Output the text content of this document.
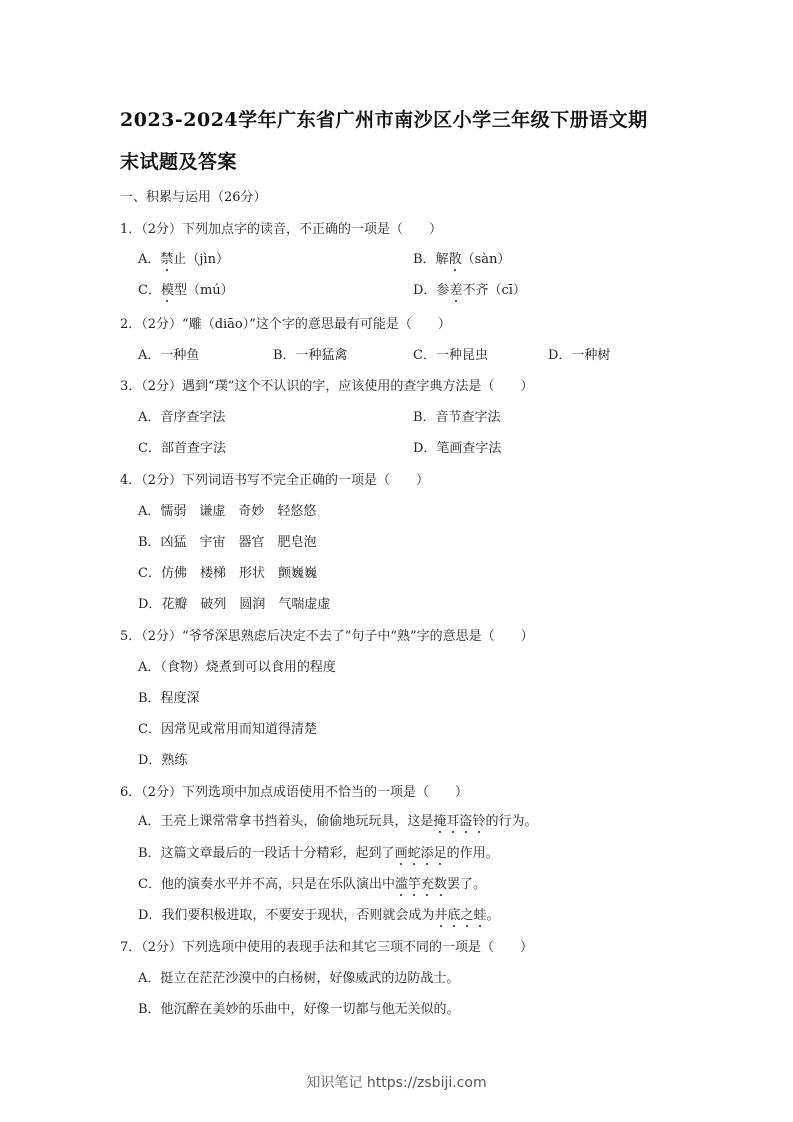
2023-2024学年广东省广州市南沙区小学三年级下册语文期
末试题及答案
一、积累与运用（26分）
1．（2分）下列加点字的读音，不正确的一项是（　　）
A．禁止（jìn）	B．解散（sàn）
C．模型（mú）	D．参差不齐（cī）
2．（2分）“雕（diāo）”这个字的意思最有可能是（　　）
A．一种鱼	B．一种猛禽	C．一种昆虫	D．一种树
3．（2分）遇到“璞”这个不认识的字，应该使用的查字典方法是（　　）
A．音序查字法	B．音节查字法
C．部首查字法	D．笔画查字法
4．（2分）下列词语书写不完全正确的一项是（　　）
A．懦弱　谦虚　奇妙　轻悠悠
B．凶猛　宇宙　器官　肥皂泡
C．仿佛　楼梯　形状　颤巍巍
D．花瓣　破列　圆润　气喘虚虚
5．（2分）“爷爷深思熟虑后决定不去了”句子中“熟”字的意思是（　　）
A．（食物）烧煮到可以食用的程度
B．程度深
C．因常见或常用而知道得清楚
D．熟练
6．（2分）下列选项中加点成语使用不恰当的一项是（　　）
A．王亮上课常常拿书挡着头，偷偷地玩玩具，这是掩耳盗铃的行为。
B．这篇文章最后的一段话十分精彩，起到了画蛇添足的作用。
C．他的演奏水平并不高，只是在乐队演出中滥竽充数罢了。
D．我们要积极进取，不要安于现状，否则就会成为井底之蛙。
7．（2分）下列选项中使用的表现手法和其它三项不同的一项是（　　）
A．挺立在茫茫沙漠中的白杨树，好像威武的边防战士。
B．他沉醉在美妙的乐曲中，好像一切都与他无关似的。
知识笔记 https://zsbiji.com
